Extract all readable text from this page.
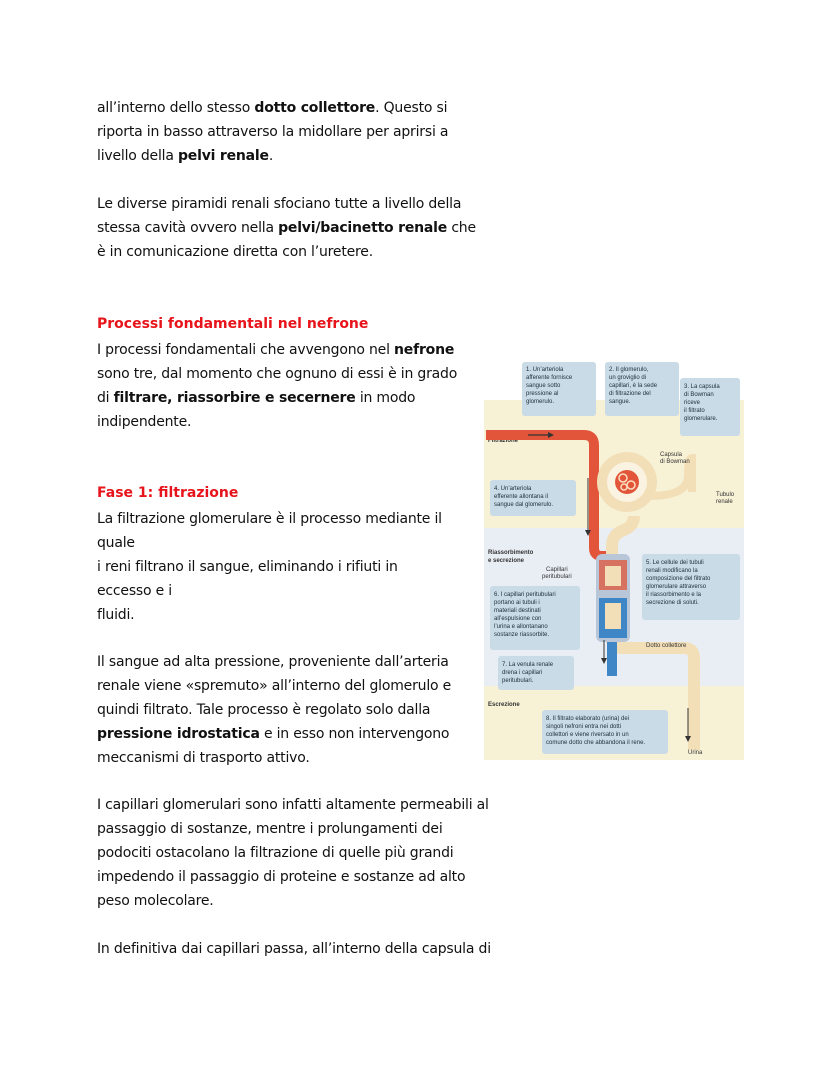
all’interno dello stesso dotto collettore. Questo si

riporta in basso attraverso la midollare per aprirsi a

livello della pelvi renale.

Le diverse piramidi renali sfociano tutte a livello della

stessa cavità ovvero nella pelvi/bacinetto renale che

è in comunicazione diretta con l’uretere.

Processi fondamentali nel nefrone

I processi fondamentali che avvengono nel nefrone

sono tre, dal momento che ognuno di essi è in grado

di filtrare, riassorbire e secernere in modo

indipendente.

Fase 1: filtrazione

La filtrazione glomerulare è il processo mediante il

quale

i reni filtrano il sangue, eliminando i rifiuti in

eccesso e i

fluidi.

Il sangue ad alta pressione, proveniente dall’arteria

renale viene «spremuto» all’interno del glomerulo e

quindi filtrato. Tale processo è regolato solo dalla

pressione idrostatica e in esso non intervengono

meccanismi di trasporto attivo.

I capillari glomerulari sono infatti altamente permeabili al

passaggio di sostanze, mentre i prolungamenti dei

podociti ostacolano la filtrazione di quelle più grandi

impedendo il passaggio di proteine e sostanze ad alto

peso molecolare.

In definitiva dai capillari passa, all’interno della capsula di

Filtrazione
Riassorbimento
e secrezione
Escrezione
Capsula
di Bowman
Tubulo
renale
Capillari
peritubulari
Dotto collettore
Urina
1. Un’arteriola afferente fornisce sangue sotto pressione al glomerulo.
2. Il glomerulo, un groviglio di capillari, è la sede di filtrazione del sangue.
3. La capsula di Bowman riceve il filtrato glomerulare.
4. Un’arteriola efferente allontana il sangue dal glomerulo.
5. Le cellule dei tubuli renali modificano la composizione del filtrato glomerulare attraverso il riassorbimento e la secrezione di soluti.
6. I capillari peritubulari portano ai tubuli i materiali destinati all’espulsione con l’urina e allontanano sostanze riassorbite.
7. La venula renale drena i capillari peritubulari.
8. Il filtrato elaborato (urina) dei singoli nefroni entra nei dotti collettori e viene riversato in un comune dotto che abbandona il rene.
